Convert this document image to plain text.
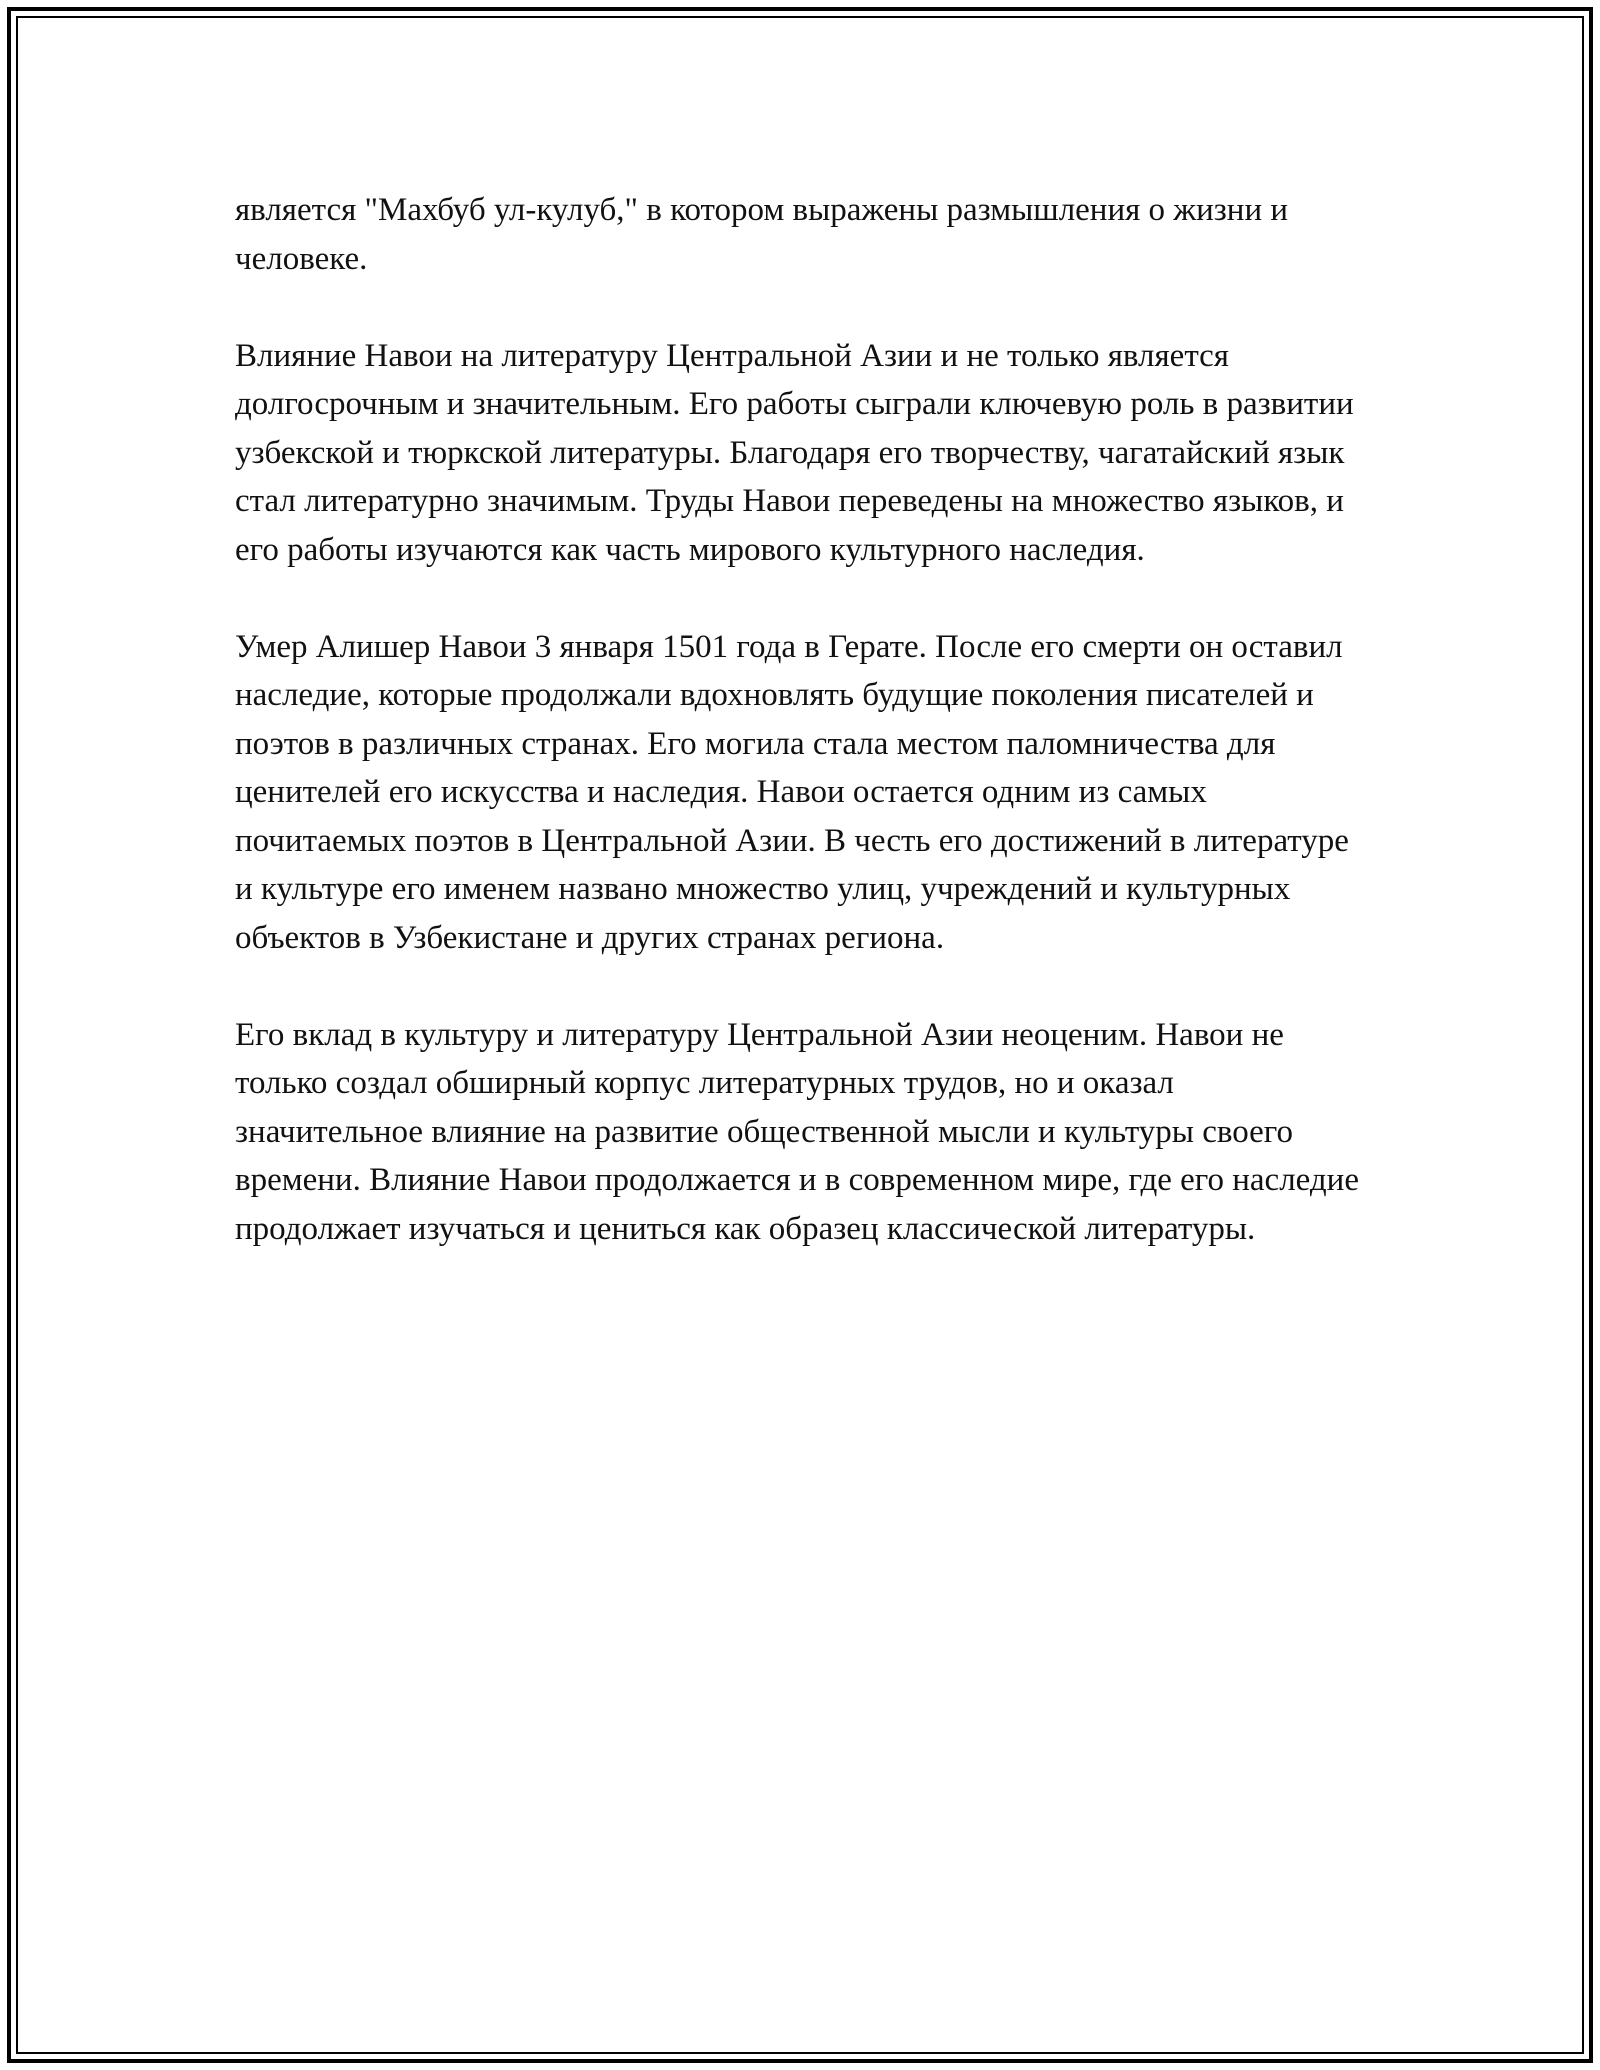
является "Махбуб ул-кулуб," в котором выражены размышления о жизни и человеке.

Влияние Навои на литературу Центральной Азии и не только является долгосрочным и значительным. Его работы сыграли ключевую роль в развитии узбекской и тюркской литературы. Благодаря его творчеству, чагатайский язык стал литературно значимым. Труды Навои переведены на множество языков, и его работы изучаются как часть мирового культурного наследия.

Умер Алишер Навои 3 января 1501 года в Герате. После его смерти он оставил наследие, которые продолжали вдохновлять будущие поколения писателей и поэтов в различных странах. Его могила стала местом паломничества для ценителей его искусства и наследия. Навои остается одним из самых почитаемых поэтов в Центральной Азии. В честь его достижений в литературе и культуре его именем названо множество улиц, учреждений и культурных объектов в Узбекистане и других странах региона.

Его вклад в культуру и литературу Центральной Азии неоценим. Навои не только создал обширный корпус литературных трудов, но и оказал значительное влияние на развитие общественной мысли и культуры своего времени. Влияние Навои продолжается и в современном мире, где его наследие продолжает изучаться и цениться как образец классической литературы.
